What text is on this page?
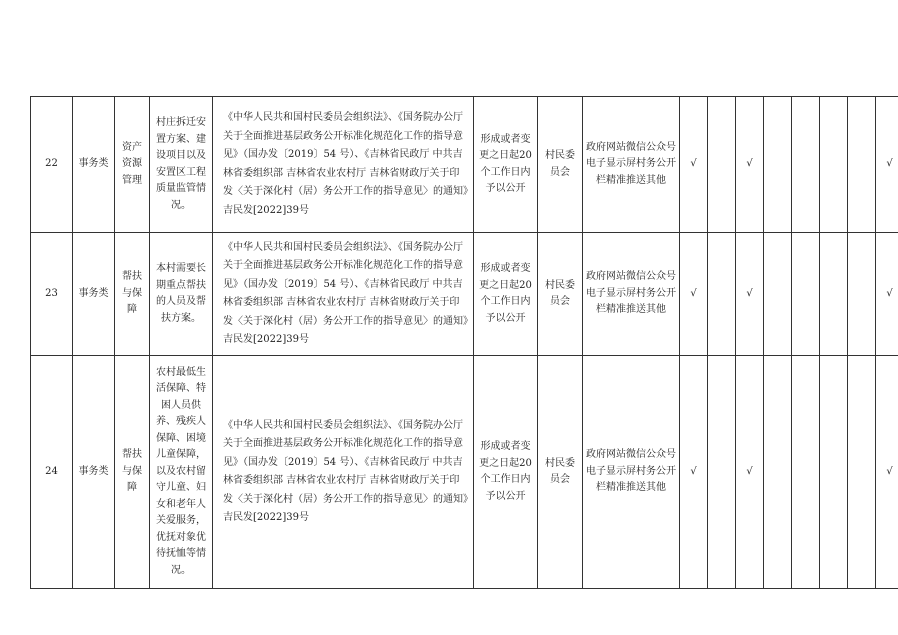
22	事务类	资产资源管理	村庄拆迁安置方案、建设项目以及安置区工程质量监管情况。	《中华人民共和国村民委员会组织法》、《国务院办公厅关于全面推进基层政务公开标准化规范化工作的指导意见》（国办发〔2019〕54 号）、《吉林省民政厅 中共吉林省委组织部 吉林省农业农村厅 吉林省财政厅关于印发〈关于深化村（居）务公开工作的指导意见〉的通知》吉民发[2022]39号	形成或者变更之日起20个工作日内予以公开	村民委员会	政府网站微信公众号电子显示屏村务公开栏精准推送其他	√		√					√
23	事务类	帮扶与保障	本村需要长期重点帮扶的人员及帮扶方案。	《中华人民共和国村民委员会组织法》、《国务院办公厅关于全面推进基层政务公开标准化规范化工作的指导意见》（国办发〔2019〕54 号）、《吉林省民政厅 中共吉林省委组织部 吉林省农业农村厅 吉林省财政厅关于印发〈关于深化村（居）务公开工作的指导意见〉的通知》吉民发[2022]39号	形成或者变更之日起20个工作日内予以公开	村民委员会	政府网站微信公众号电子显示屏村务公开栏精准推送其他	√		√					√
24	事务类	帮扶与保障	农村最低生活保障、特困人员供养、残疾人保障、困境儿童保障，以及农村留守儿童、妇女和老年人关爱服务，优抚对象优待抚恤等情况。	《中华人民共和国村民委员会组织法》、《国务院办公厅关于全面推进基层政务公开标准化规范化工作的指导意见》（国办发〔2019〕54 号）、《吉林省民政厅 中共吉林省委组织部 吉林省农业农村厅 吉林省财政厅关于印发〈关于深化村（居）务公开工作的指导意见〉的通知》吉民发[2022]39号	形成或者变更之日起20个工作日内予以公开	村民委员会	政府网站微信公众号电子显示屏村务公开栏精准推送其他	√		√					√
